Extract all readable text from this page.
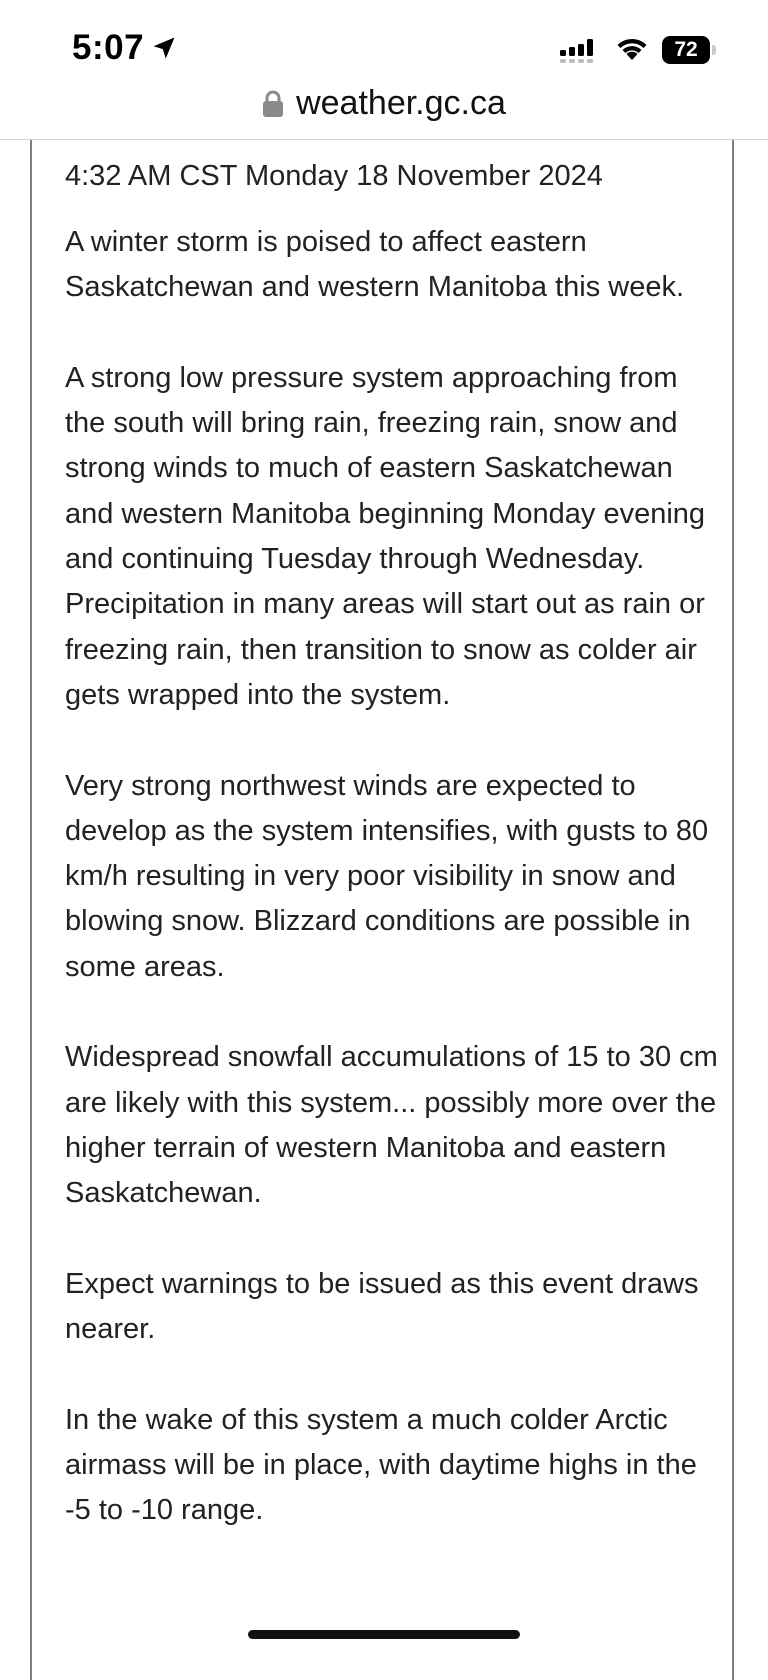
5:07	72
weather.gc.ca
4:32 AM CST Monday 18 November 2024

A winter storm is poised to affect eastern Saskatchewan and western Manitoba this week.

A strong low pressure system approaching from the south will bring rain, freezing rain, snow and strong winds to much of eastern Saskatchewan and western Manitoba beginning Monday evening and continuing Tuesday through Wednesday. Precipitation in many areas will start out as rain or freezing rain, then transition to snow as colder air gets wrapped into the system.

Very strong northwest winds are expected to develop as the system intensifies, with gusts to 80 km/h resulting in very poor visibility in snow and blowing snow. Blizzard conditions are possible in some areas.

Widespread snowfall accumulations of 15 to 30 cm are likely with this system... possibly more over the higher terrain of western Manitoba and eastern Saskatchewan.

Expect warnings to be issued as this event draws nearer.

In the wake of this system a much colder Arctic airmass will be in place, with daytime highs in the -5 to -10 range.
